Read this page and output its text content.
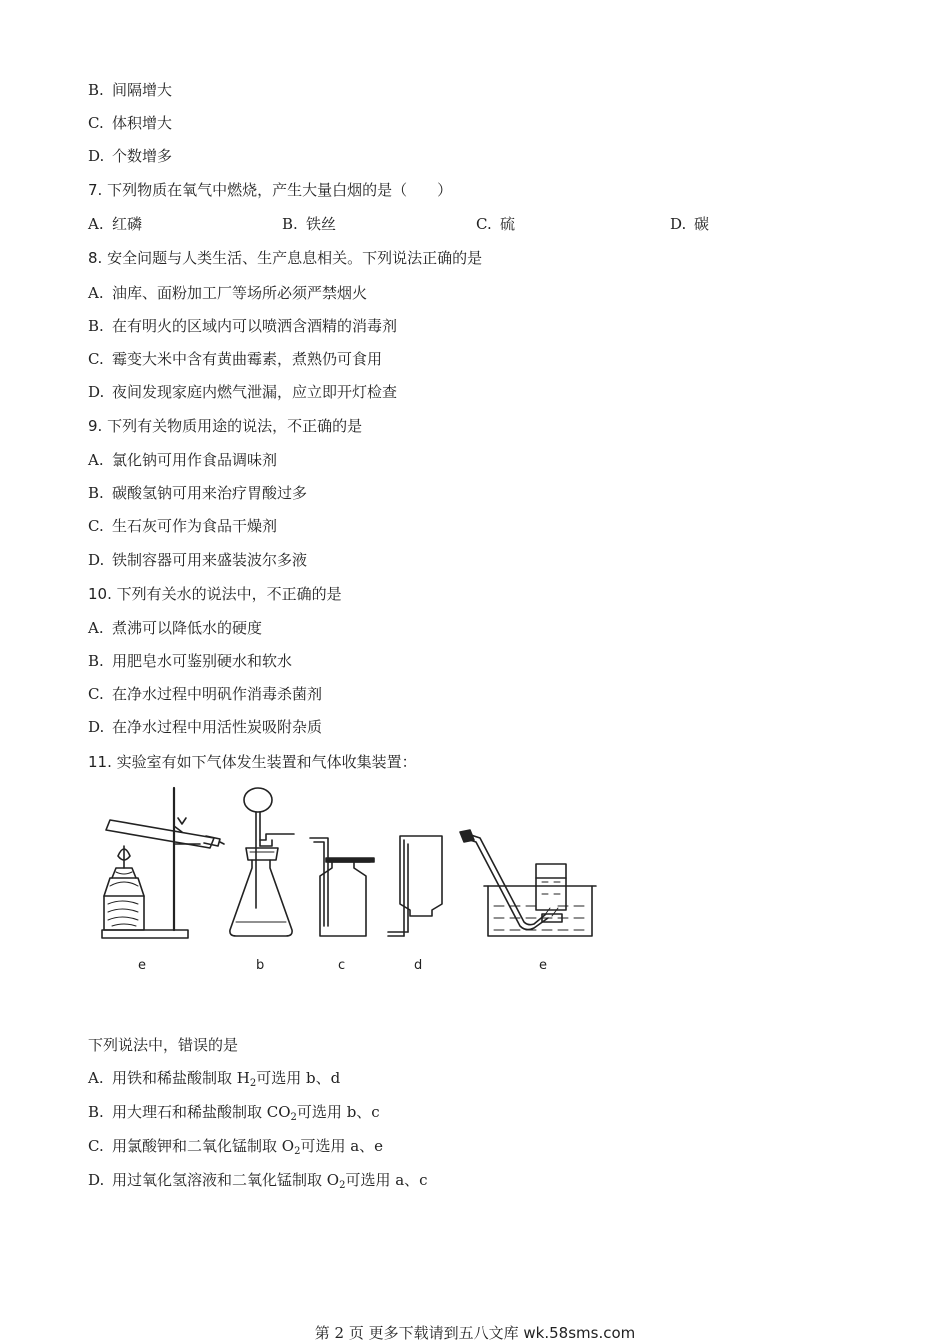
B. 间隔增大
C. 体积增大
D. 个数增多
7. 下列物质在氧气中燃烧，产生大量白烟的是（　　）
A. 红磷	B. 铁丝	C. 硫	D. 碳
8. 安全问题与人类生活、生产息息相关。下列说法正确的是
A. 油库、面粉加工厂等场所必须严禁烟火
B. 在有明火的区域内可以喷洒含酒精的消毒剂
C. 霉变大米中含有黄曲霉素，煮熟仍可食用
D. 夜间发现家庭内燃气泄漏，应立即开灯检查
9. 下列有关物质用途的说法，不正确的是
A. 氯化钠可用作食品调味剂
B. 碳酸氢钠可用来治疗胃酸过多
C. 生石灰可作为食品干燥剂
D. 铁制容器可用来盛装波尔多液
10. 下列有关水的说法中，不正确的是
A. 煮沸可以降低水的硬度
B. 用肥皂水可鉴别硬水和软水
C. 在净水过程中明矾作消毒杀菌剂
D. 在净水过程中用活性炭吸附杂质
11. 实验室有如下气体发生装置和气体收集装置：
e	b	c	d	e
下列说法中，错误的是
A. 用铁和稀盐酸制取 $H_2$可选用 b、d
B. 用大理石和稀盐酸制取 $CO_2$可选用 b、c
C. 用氯酸钾和二氧化锰制取 $O_2$可选用 a、e
D. 用过氧化氢溶液和二氧化锰制取 $O_2$可选用 a、c
第 2 页 更多下载请到五八文库 wk.58sms.com
